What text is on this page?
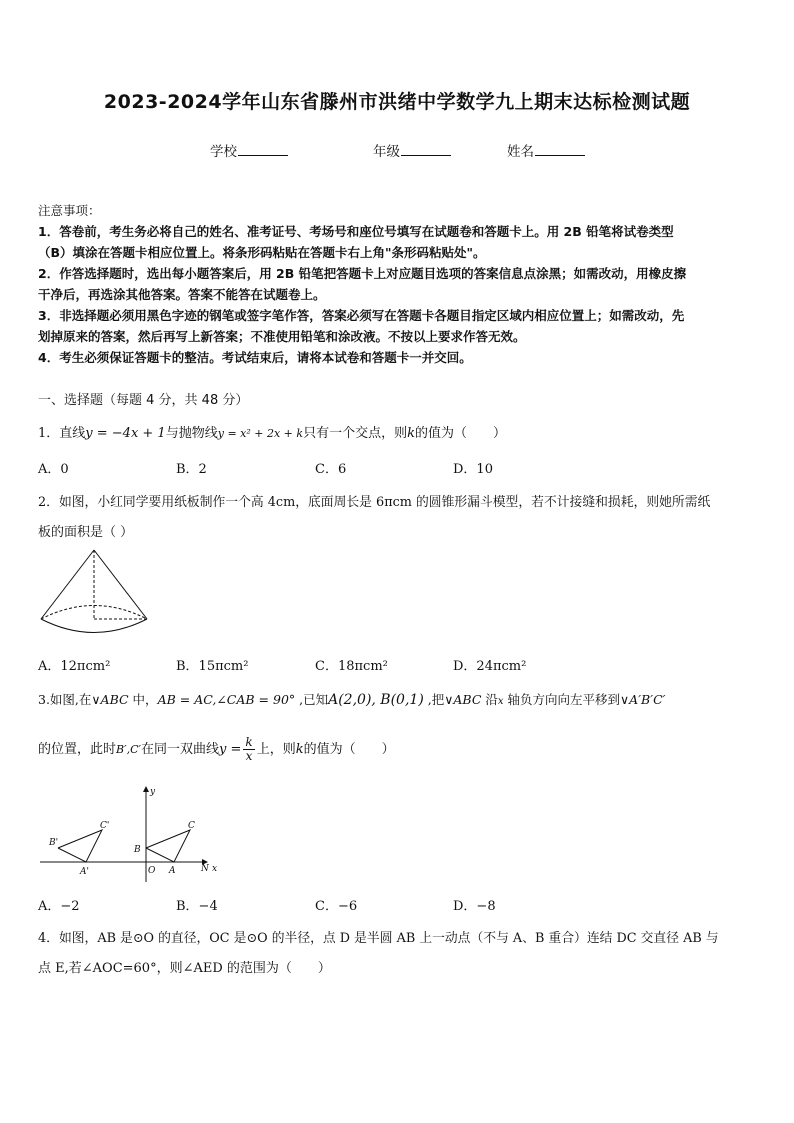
2023-2024学年山东省滕州市洪绪中学数学九上期末达标检测试题
学校	年级	姓名
注意事项：
1．答卷前，考生务必将自己的姓名、准考证号、考场号和座位号填写在试题卷和答题卡上。用 2B 铅笔将试卷类型
（B）填涂在答题卡相应位置上。将条形码粘贴在答题卡右上角"条形码粘贴处"。
2．作答选择题时，选出每小题答案后，用 2B 铅笔把答题卡上对应题目选项的答案信息点涂黑；如需改动，用橡皮擦
干净后，再选涂其他答案。答案不能答在试题卷上。
3．非选择题必须用黑色字迹的钢笔或签字笔作答，答案必须写在答题卡各题目指定区域内相应位置上；如需改动，先
划掉原来的答案，然后再写上新答案；不准使用铅笔和涂改液。不按以上要求作答无效。
4．考生必须保证答题卡的整洁。考试结束后，请将本试卷和答题卡一并交回。
一、选择题（每题 4 分，共 48 分）
1．直线y = −4x + 1与抛物线y = x² + 2x + k只有一个交点，则k的值为（　　）
A．0	B．2	C．6	D．10
2．如图，小红同学要用纸板制作一个高 4cm，底面周长是 6πcm 的圆锥形漏斗模型，若不计接缝和损耗，则她所需纸
板的面积是（ ）
A．12πcm²	B．15πcm²	C．18πcm²	D．24πcm²
3.如图,在∨ABC 中，AB = AC,∠CAB = 90° ,已知A(2,0), B(0,1) ,把∨ABC 沿x 轴负方向向左平移到∨A′B′C′
的位置，此时B′,C′在同一双曲线$y = \frac{k}{x}$ 上，则k的值为（　　）
y
x
N
O A
B
C
A'
B'
C'
A．−2	B．−4	C．−6	D．−8
4．如图，AB 是⊙O 的直径，OC 是⊙O 的半径，点 D 是半圆 AB 上一动点（不与 A、B 重合）连结 DC 交直径 AB 与
点 E,若∠AOC=60°，则∠AED 的范围为（　　）
